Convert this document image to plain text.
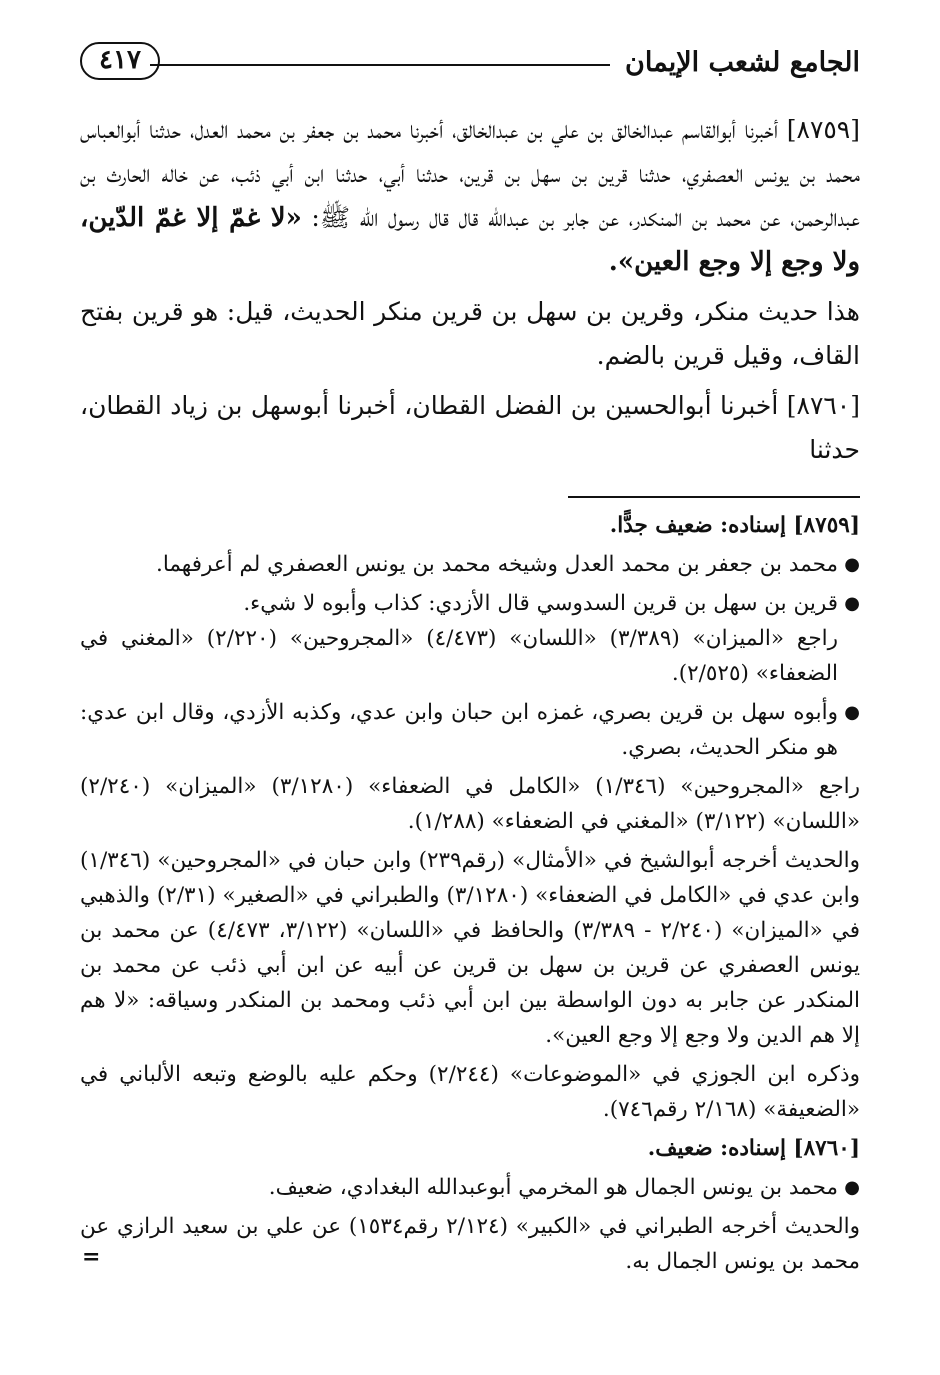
الجامع لشعب الإيمان
٤١٧

[٨٧٥٩] أخبرنا أبوالقاسم عبدالخالق بن علي بن عبدالخالق، أخبرنا محمد بن جعفر بن محمد العدل، حدثنا أبوالعباس محمد بن يونس العصفري، حدثنا قرين بن سهل بن قرين، حدثنا أبي، حدثنا ابن أبي ذئب، عن خاله الحارث بن عبدالرحمن، عن محمد بن المنكدر، عن جابر بن عبدالله قال قال رسول الله ﷺ: «لا غمّ إلا غمّ الدّين، ولا وجع إلا وجع العين».

هذا حديث منكر، وقرين بن سهل بن قرين منكر الحديث، قيل: هو قرين بفتح القاف، وقيل قرين بالضم.

[٨٧٦٠] أخبرنا أبوالحسين بن الفضل القطان، أخبرنا أبوسهل بن زياد القطان، حدثنا

[٨٧٥٩] إسناده: ضعيف جدًّا.

●
محمد بن جعفر بن محمد العدل وشيخه محمد بن يونس العصفري لم أعرفهما.

●
قرين بن سهل بن قرين السدوسي قال الأزدي: كذاب وأبوه لا شيء.
راجع «الميزان» (٣/٣٨٩) «اللسان» (٤/٤٧٣) «المجروحين» (٢/٢٢٠) «المغني في الضعفاء» (٢/٥٢٥).

●
وأبوه سهل بن قرين بصري، غمزه ابن حبان وابن عدي، وكذبه الأزدي، وقال ابن عدي: هو منكر الحديث، بصري.

راجع «المجروحين» (١/٣٤٦) «الكامل في الضعفاء» (٣/١٢٨٠) «الميزان» (٢/٢٤٠) «اللسان» (٣/١٢٢) «المغني في الضعفاء» (١/٢٨٨).

والحديث أخرجه أبوالشيخ في «الأمثال» (رقم٢٣٩) وابن حبان في «المجروحين» (١/٣٤٦) وابن عدي في «الكامل في الضعفاء» (٣/١٢٨٠) والطبراني في «الصغير» (٢/٣١) والذهبي في «الميزان» (٢/٢٤٠ - ٣/٣٨٩) والحافظ في «اللسان» (٣/١٢٢، ٤/٤٧٣) عن محمد بن يونس العصفري عن قرين بن سهل بن قرين عن أبيه عن ابن أبي ذئب عن محمد بن المنكدر عن جابر به دون الواسطة بين ابن أبي ذئب ومحمد بن المنكدر وسياقه: «لا هم إلا هم الدين ولا وجع إلا وجع العين».

وذكره ابن الجوزي في «الموضوعات» (٢/٢٤٤) وحكم عليه بالوضع وتبعه الألباني في «الضعيفة» (٢/١٦٨ رقم٧٤٦).

[٨٧٦٠] إسناده: ضعيف.

●
محمد بن يونس الجمال هو المخرمي أبوعبدالله البغدادي، ضعيف.

والحديث أخرجه الطبراني في «الكبير» (٢/١٢٤ رقم١٥٣٤) عن علي بن سعيد الرازي عن محمد بن يونس الجمال به.

=
